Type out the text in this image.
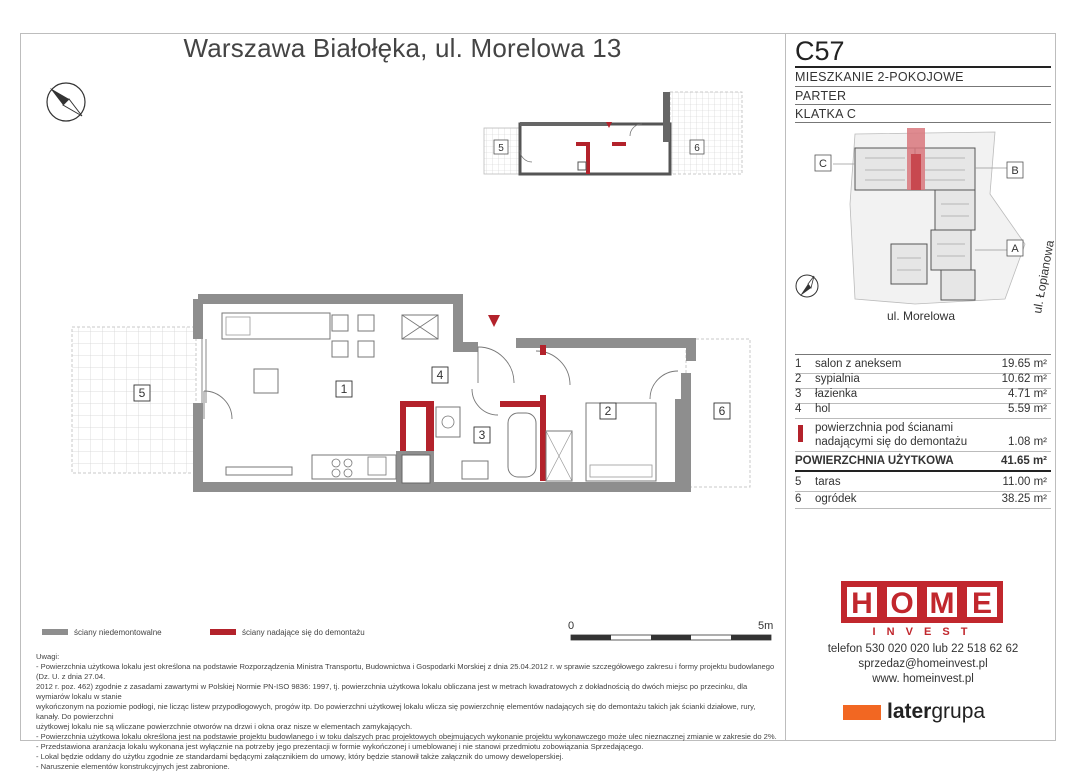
Warszawa Białołęka, ul. Morelowa 13
5	6
5	1
4
3
2	6
C57
MIESZKANIE 2-POKOJOWE
PARTER
KLATKA C
C
B
A
ul. Morelowa
ul. Łopianowa
1 salon z aneksem	19.65 m²
2 sypialnia	10.62 m²
3 łazienka	4.71 m²
4 hol	5.59 m²
powierzchnia pod ścianami
nadającymi się do demontażu	1.08 m²
POWIERZCHNIA UŻYTKOWA	41.65 m²
5 taras	11.00 m²
6 ogródek	38.25 m²
ściany niedemontowalne	ściany nadające się do demontażu
0	5m

Uwagi:

- Powierzchnia użytkowa lokalu jest określona na podstawie Rozporządzenia Ministra Transportu, Budownictwa i Gospodarki Morskiej z dnia 25.04.2012 r. w sprawie szczegółowego zakresu i formy projektu budowlanego (Dz. U. z dnia 27.04.

2012 r. poz. 462) zgodnie z zasadami zawartymi w Polskiej Normie PN-ISO 9836: 1997, tj. powierzchnia użytkowa lokalu obliczana jest w metrach kwadratowych z dokładnością do dwóch miejsc po przecinku, dla wymiarów lokalu w stanie

wykończonym na poziomie podłogi, nie licząc listew przypodłogowych, progów itp. Do powierzchni użytkowej lokalu wlicza się powierzchnię elementów nadających się do demontażu takich jak ścianki działowe, rury, kanały. Do powierzchni

użytkowej lokalu nie są wliczane powierzchnie otworów na drzwi i okna oraz nisze w elementach zamykających.

- Powierzchnia użytkowa lokalu określona jest na podstawie projektu budowlanego i w toku dalszych prac projektowych obejmujących wykonanie projektu wykonawczego może ulec nieznacznej zmianie w zakresie do 2%.

- Przedstawiona aranżacja lokalu wykonana jest wyłącznie na potrzeby jego prezentacji w formie wykończonej i umeblowanej i nie stanowi przedmiotu zobowiązania Sprzedającego.

- Lokal będzie oddany do użytku zgodnie ze standardami będącymi załącznikiem do umowy, który będzie stanowił także załącznik do umowy deweloperskiej.

- Naruszenie elementów konstrukcyjnych jest zabronione.

H O M E
I N V E S T
telefon 530 020 020 lub 22 518 62 62
sprzedaz@homeinvest.pl
www. homeinvest.pl
latergrupa
